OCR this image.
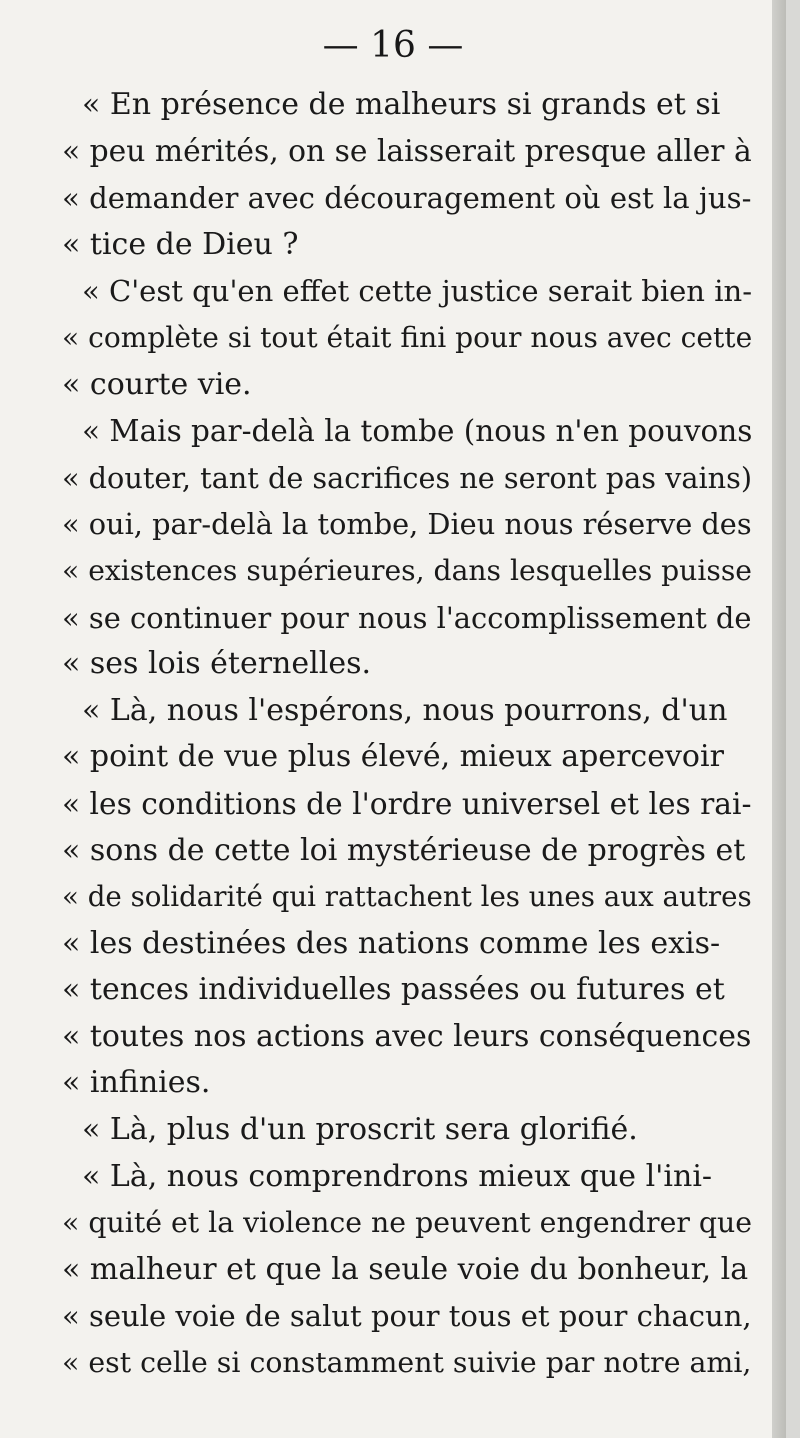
— 16 —
« En présence de malheurs si grands et si
« peu mérités, on se laisserait presque aller à
« demander avec découragement où est la jus-
« tice de Dieu ?
« C'est qu'en effet cette justice serait bien in-
« complète si tout était fini pour nous avec cette
« courte vie.
« Mais par-delà la tombe (nous n'en pouvons
« douter, tant de sacrifices ne seront pas vains)
« oui, par-delà la tombe, Dieu nous réserve des
« existences supérieures, dans lesquelles puisse
« se continuer pour nous l'accomplissement de
« ses lois éternelles.
« Là, nous l'espérons, nous pourrons, d'un
« point de vue plus élevé, mieux apercevoir
« les conditions de l'ordre universel et les rai-
« sons de cette loi mystérieuse de progrès et
« de solidarité qui rattachent les unes aux autres
« les destinées des nations comme les exis-
« tences individuelles passées ou futures et
« toutes nos actions avec leurs conséquences
« infinies.
« Là, plus d'un proscrit sera glorifié.
« Là, nous comprendrons mieux que l'ini-
« quité et la violence ne peuvent engendrer que
« malheur et que la seule voie du bonheur, la
« seule voie de salut pour tous et pour chacun,
« est celle si constamment suivie par notre ami,
